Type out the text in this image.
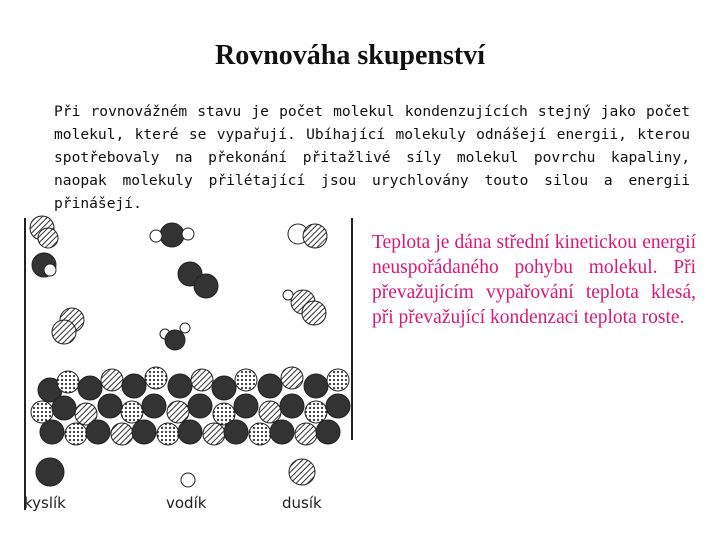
Rovnováha skupenství
Při rovnovážném stavu je počet molekul kondenzujících stejný jako počet molekul, které se vypařují. Ubíhající molekuly odnášejí energii, kterou spotřebovaly na překonání přitažlivé síly molekul povrchu kapaliny, naopak molekuly přilétající jsou urychlovány touto silou a energii přinášejí.
Teplota je dána střední kinetickou energií neuspořádaného pohybu molekul. Při převažujícím vypařování teplota klesá, při převažující kondenzaci teplota roste.
kyslík	vodík	dusík
